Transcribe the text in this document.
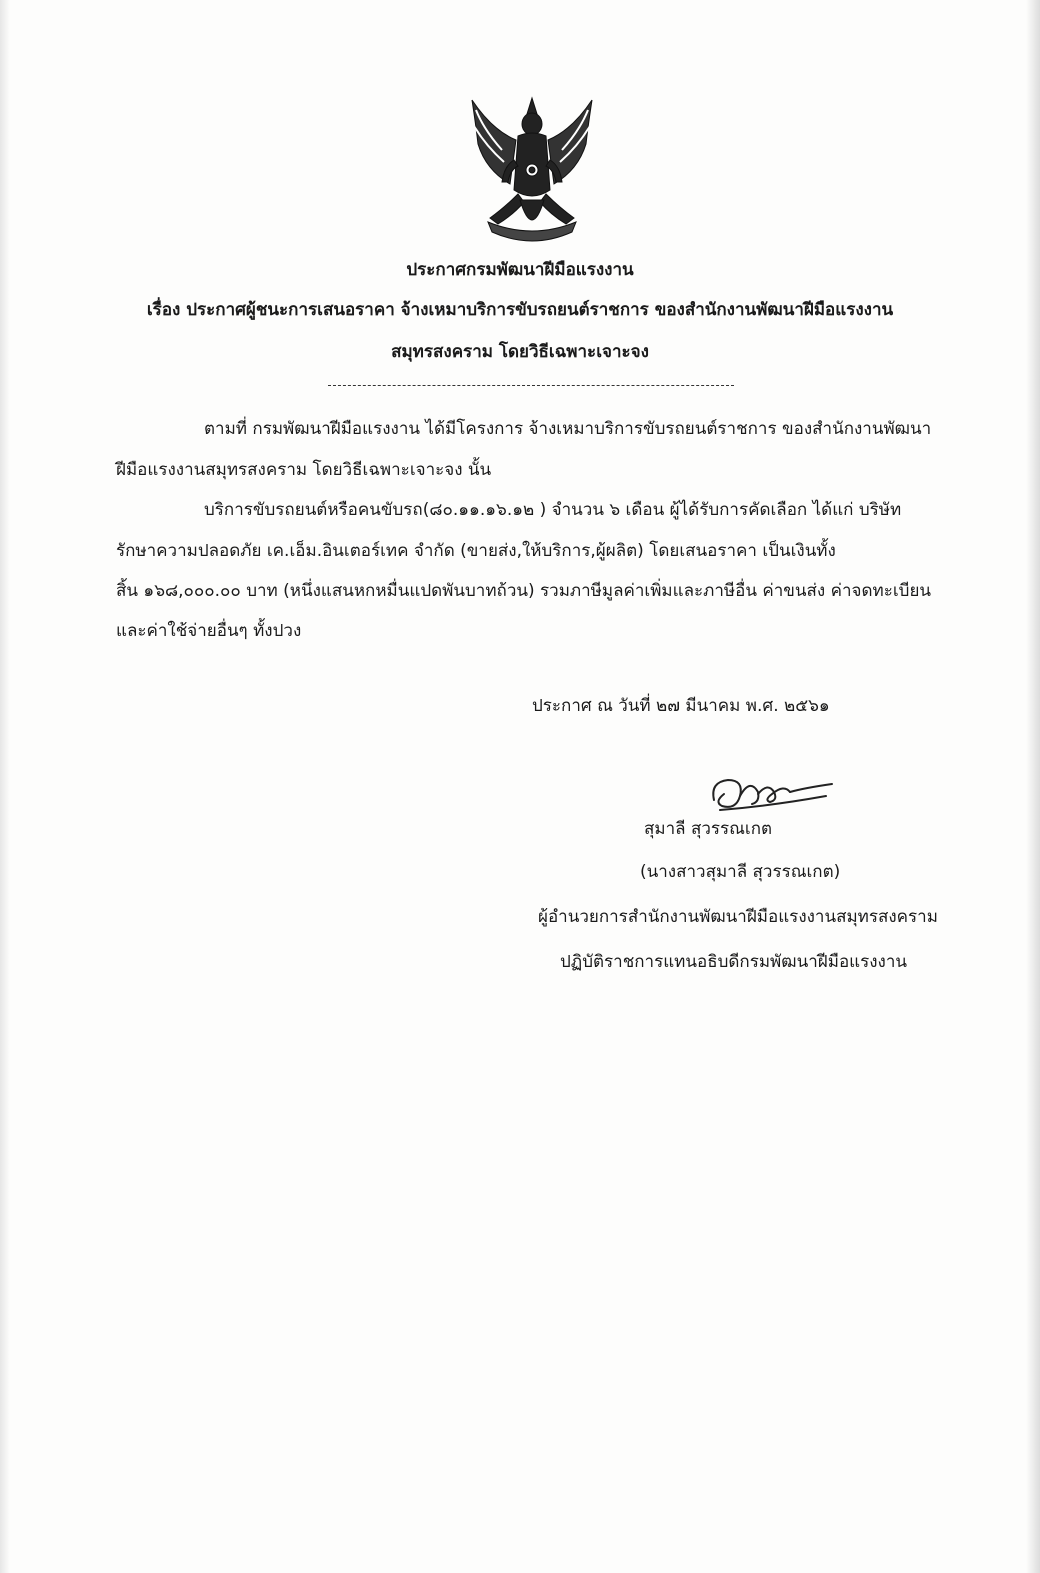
ประกาศกรมพัฒนาฝีมือแรงงาน
เรื่อง ประกาศผู้ชนะการเสนอราคา จ้างเหมาบริการขับรถยนต์ราชการ ของสำนักงานพัฒนาฝีมือแรงงาน
สมุทรสงคราม โดยวิธีเฉพาะเจาะจง
ตามที่ กรมพัฒนาฝีมือแรงงาน ได้มีโครงการ จ้างเหมาบริการขับรถยนต์ราชการ ของสำนักงานพัฒนา
ฝีมือแรงงานสมุทรสงคราม โดยวิธีเฉพาะเจาะจง นั้น
บริการขับรถยนต์หรือคนขับรถ(๘๐.๑๑.๑๖.๑๒ ) จำนวน ๖ เดือน ผู้ได้รับการคัดเลือก ได้แก่ บริษัท
รักษาความปลอดภัย เค.เอ็ม.อินเตอร์เทค จำกัด (ขายส่ง,ให้บริการ,ผู้ผลิต) โดยเสนอราคา เป็นเงินทั้ง
สิ้น ๑๖๘,๐๐๐.๐๐ บาท (หนึ่งแสนหกหมื่นแปดพันบาทถ้วน) รวมภาษีมูลค่าเพิ่มและภาษีอื่น ค่าขนส่ง ค่าจดทะเบียน
และค่าใช้จ่ายอื่นๆ ทั้งปวง
ประกาศ ณ วันที่ ๒๗ มีนาคม พ.ศ. ๒๕๖๑
สุมาลี สุวรรณเกต
(นางสาวสุมาลี สุวรรณเกต)
ผู้อำนวยการสำนักงานพัฒนาฝีมือแรงงานสมุทรสงคราม
ปฏิบัติราชการแทนอธิบดีกรมพัฒนาฝีมือแรงงาน
